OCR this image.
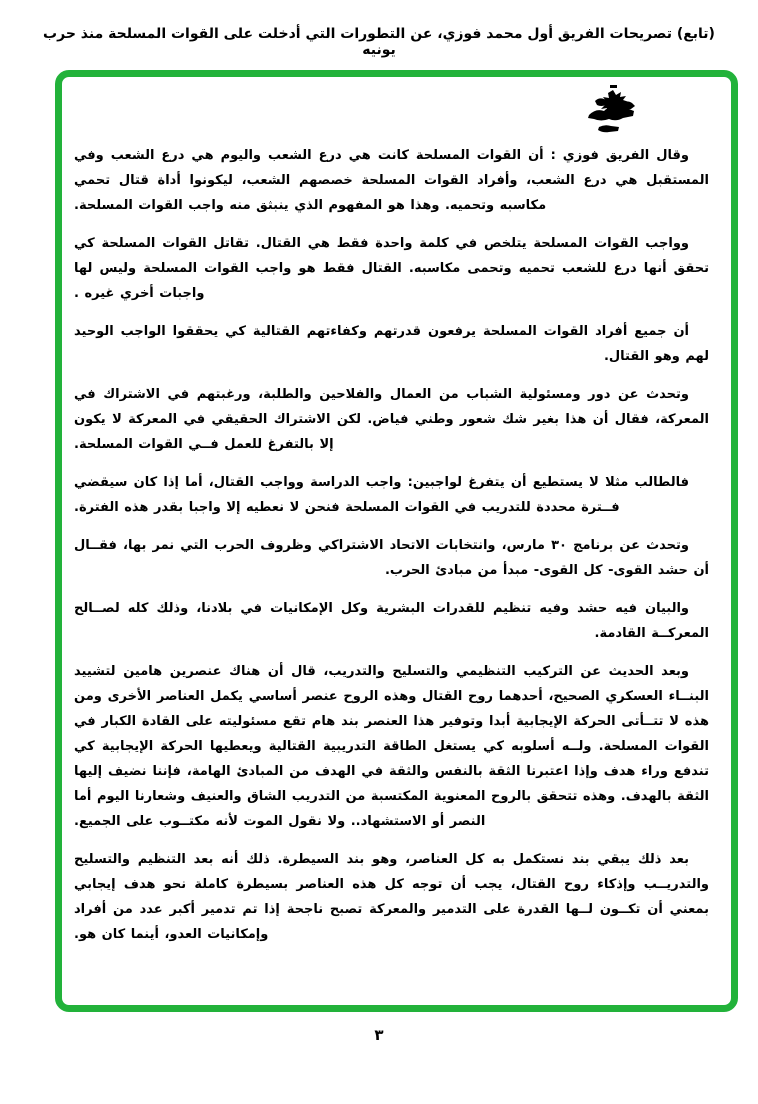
(تابع) تصريحات الفريق أول محمد فوزي، عن التطورات التي أدخلت على القوات المسلحة منذ حرب يونيه

وقال الفريق فوزي : أن القوات المسلحة كانت هي درع الشعب واليوم هي درع الشعب وفي المستقبل هي درع الشعب، وأفراد القوات المسلحة خصصهم الشعب، ليكونوا أداة قتال تحمي مكاسبه وتحميه. وهذا هو المفهوم الذي ينبثق منه واجب القوات المسلحة.

وواجب القوات المسلحة يتلخص في كلمة واحدة فقط هي القتال. تقاتل القوات المسلحة كي تحقق أنها درع للشعب تحميه وتحمى مكاسبه. القتال فقط هو واجب القوات المسلحة وليس لها واجبات أخري غيره .

أن جميع أفراد القوات المسلحة يرفعون قدرتهم وكفاءتهم القتالية كي يحققوا الواجب الوحيد لهم وهو القتال.

وتحدث عن دور ومسئولية الشباب من العمال والفلاحين والطلبة، ورغبتهم في الاشتراك في المعركة، فقال أن هذا بغير شك شعور وطني فياض. لكن الاشتراك الحقيقي في المعركة لا يكون إلا بالتفرغ للعمل فــي القوات المسلحة.

فالطالب مثلا لا يستطيع أن يتفرغ لواجبين: واجب الدراسة وواجب القتال، أما إذا كان سيقضي فــترة محددة للتدريب في القوات المسلحة فنحن لا نعطيه إلا واجبا بقدر هذه الفترة.

وتحدث عن برنامج ٣٠ مارس، وانتخابات الاتحاد الاشتراكي وظروف الحرب التي نمر بها، فقــال أن حشد القوى- كل القوى- مبدأ من مبادئ الحرب.

والبيان فيه حشد وفيه تنظيم للقدرات البشرية وكل الإمكانيات في بلادنا، وذلك كله لصــالح المعركــة القادمة.

وبعد الحديث عن التركيب التنظيمي والتسليح والتدريب، قال أن هناك عنصرين هامين لتشييد البنــاء العسكري الصحيح، أحدهما روح القتال وهذه الروح عنصر أساسي يكمل العناصر الأخرى ومن هذه لا تتــأتى الحركة الإيجابية أبدا وتوفير هذا العنصر بند هام تقع مسئوليته على القادة الكبار في القوات المسلحة. ولــه أسلوبه كي يستغل الطاقة التدريبية القتالية ويعطيها الحركة الإيجابية كي تندفع وراء هدف وإذا اعتبرنا الثقة بالنفس والثقة في الهدف من المبادئ الهامة، فإننا نضيف إليها الثقة بالهدف. وهذه تتحقق بالروح المعنوية المكتسبة من التدريب الشاق والعنيف وشعارنا اليوم أما النصر أو الاستشهاد.. ولا نقول الموت لأنه مكتــوب على الجميع.

بعد ذلك يبقي بند نستكمل به كل العناصر، وهو بند السيطرة. ذلك أنه بعد التنظيم والتسليح والتدريــب وإذكاء روح القتال، يجب أن توجه كل هذه العناصر بسيطرة كاملة نحو هدف إيجابي بمعني أن تكــون لــها القدرة على التدمير والمعركة تصبح ناجحة إذا تم تدمير أكبر عدد من أفراد وإمكانيات العدو، أينما كان هو.

٣
